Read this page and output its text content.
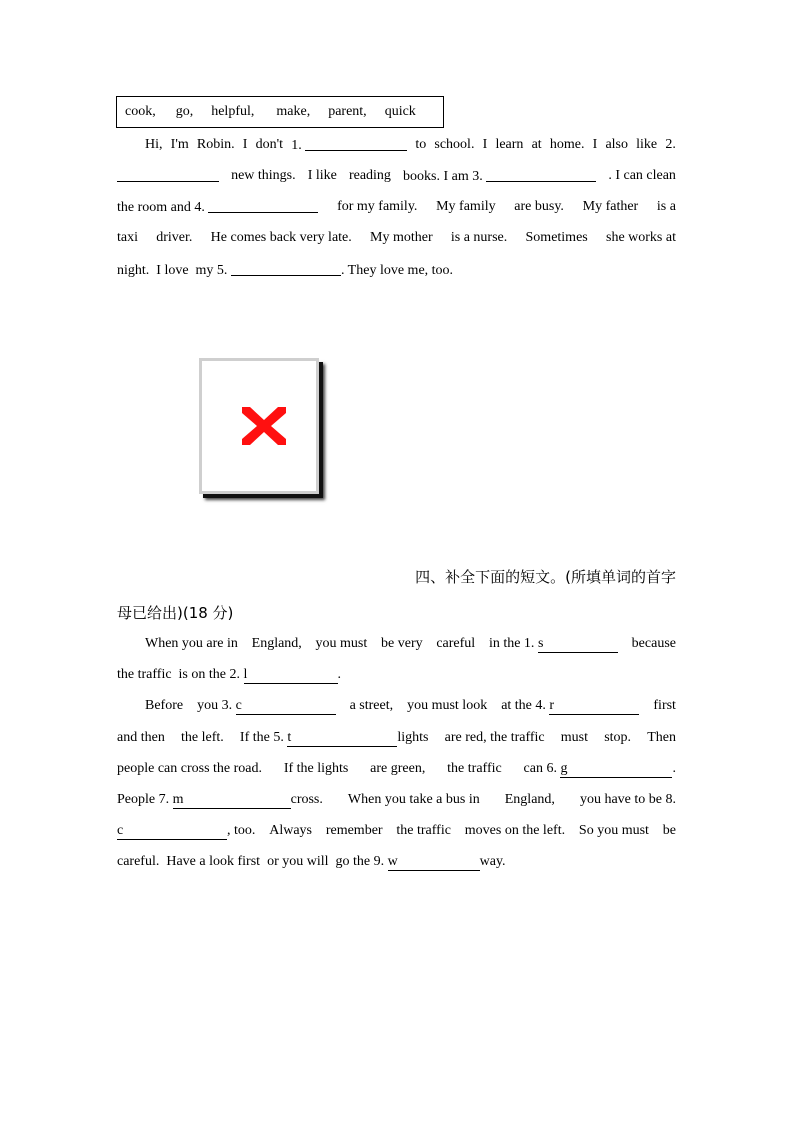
cook, go, helpful, make, parent, quick
Hi, I'm Robin. I don't 1.	to school. I learn at home. I also like 2.
new things. I like reading books. I am 3.	. I can clean
the room and 4.	for my family. My family are busy. My father is a
taxi driver. He comes back very late. My mother is a nurse. Sometimes she works at
night. I love my 5.	. They love me, too.
四、补全下面的短文。(所填单词的首字
母已给出)(18 分)
When you are in England, you must be very careful in the 1. s	because
the traffic is on the 2. l	.
Before you 3. c	a street, you must look at the 4. r	first
and then the left. If the 5. t	lights are red, the traffic must stop. Then
people can cross the road. If the lights are green, the traffic can 6. g	.
People 7. m	cross. When you take a bus in England, you have to be 8.
c	, too. Always remember the traffic moves on the left. So you must be
careful. Have a look first or you will go the 9. w	way.
